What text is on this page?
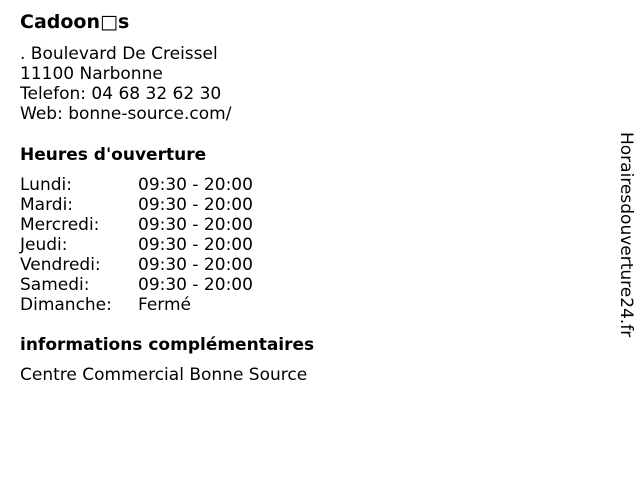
Cadoon□s
. Boulevard De Creissel
11100 Narbonne
Telefon: 04 68 32 62 30
Web: bonne-source.com/
Heures d'ouverture
Lundi:	09:30 - 20:00
Mardi:	09:30 - 20:00
Mercredi:	09:30 - 20:00
Jeudi:	09:30 - 20:00
Vendredi:	09:30 - 20:00
Samedi:	09:30 - 20:00
Dimanche:	Fermé
informations complémentaires
Centre Commercial Bonne Source
Horairesdouverture24.fr
